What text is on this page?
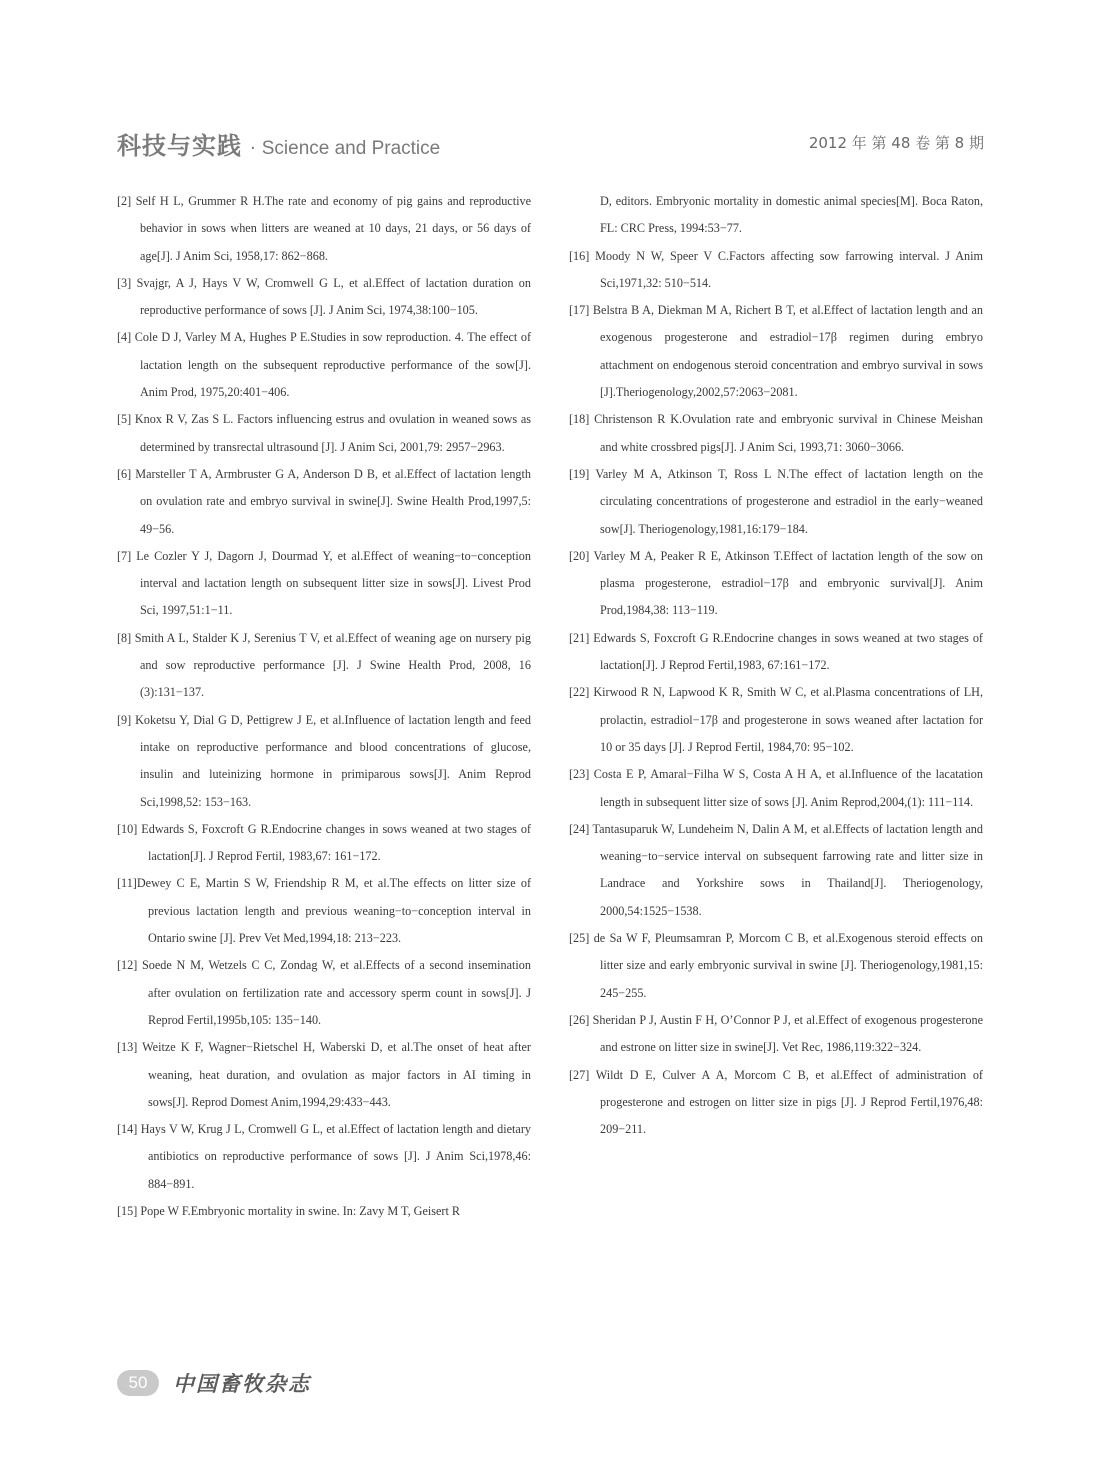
科技与实践 · Science and Practice	2012 年 第 48 卷 第 8 期
[2] Self H L, Grummer R H.The rate and economy of pig gains and reproductive behavior in sows when litters are weaned at 10 days, 21 days, or 56 days of age[J]. J Anim Sci, 1958,17: 862−868.
[3] Svajgr, A J, Hays V W, Cromwell G L, et al.Effect of lactation duration on reproductive performance of sows [J]. J Anim Sci, 1974,38:100−105.
[4] Cole D J, Varley M A, Hughes P E.Studies in sow reproduction. 4. The effect of lactation length on the subsequent reproductive performance of the sow[J]. Anim Prod, 1975,20:401−406.
[5] Knox R V, Zas S L. Factors influencing estrus and ovulation in weaned sows as determined by transrectal ultrasound [J]. J Anim Sci, 2001,79: 2957−2963.
[6] Marsteller T A, Armbruster G A, Anderson D B, et al.Effect of lactation length on ovulation rate and embryo survival in swine[J]. Swine Health Prod,1997,5: 49−56.
[7] Le Cozler Y J, Dagorn J, Dourmad Y, et al.Effect of weaning−to−conception interval and lactation length on subsequent litter size in sows[J]. Livest Prod Sci, 1997,51:1−11.
[8] Smith A L, Stalder K J, Serenius T V, et al.Effect of weaning age on nursery pig and sow reproductive performance [J]. J Swine Health Prod, 2008, 16 (3):131−137.
[9] Koketsu Y, Dial G D, Pettigrew J E, et al.Influence of lactation length and feed intake on reproductive performance and blood concentrations of glucose, insulin and luteinizing hormone in primiparous sows[J]. Anim Reprod Sci,1998,52: 153−163.
[10] Edwards S, Foxcroft G R.Endocrine changes in sows weaned at two stages of lactation[J]. J Reprod Fertil, 1983,67: 161−172.
[11]Dewey C E, Martin S W, Friendship R M, et al.The effects on litter size of previous lactation length and previous weaning−to−conception interval in Ontario swine [J]. Prev Vet Med,1994,18: 213−223.
[12] Soede N M, Wetzels C C, Zondag W, et al.Effects of a second insemination after ovulation on fertilization rate and accessory sperm count in sows[J]. J Reprod Fertil,1995b,105: 135−140.
[13] Weitze K F, Wagner−Rietschel H, Waberski D, et al.The onset of heat after weaning, heat duration, and ovulation as major factors in AI timing in sows[J]. Reprod Domest Anim,1994,29:433−443.
[14] Hays V W, Krug J L, Cromwell G L, et al.Effect of lactation length and dietary antibiotics on reproductive performance of sows [J]. J Anim Sci,1978,46: 884−891.
[15] Pope W F.Embryonic mortality in swine. In: Zavy M T, Geisert R
D, editors. Embryonic mortality in domestic animal species[M]. Boca Raton, FL: CRC Press, 1994:53−77.
[16] Moody N W, Speer V C.Factors affecting sow farrowing interval. J Anim Sci,1971,32: 510−514.
[17] Belstra B A, Diekman M A, Richert B T, et al.Effect of lactation length and an exogenous progesterone and estradiol−17β regimen during embryo attachment on endogenous steroid concentration and embryo survival in sows [J].Theriogenology,2002,57:2063−2081.
[18] Christenson R K.Ovulation rate and embryonic survival in Chinese Meishan and white crossbred pigs[J]. J Anim Sci, 1993,71: 3060−3066.
[19] Varley M A, Atkinson T, Ross L N.The effect of lactation length on the circulating concentrations of progesterone and estradiol in the early−weaned sow[J]. Theriogenology,1981,16:179−184.
[20] Varley M A, Peaker R E, Atkinson T.Effect of lactation length of the sow on plasma progesterone, estradiol−17β and embryonic survival[J]. Anim Prod,1984,38: 113−119.
[21] Edwards S, Foxcroft G R.Endocrine changes in sows weaned at two stages of lactation[J]. J Reprod Fertil,1983, 67:161−172.
[22] Kirwood R N, Lapwood K R, Smith W C, et al.Plasma concentrations of LH, prolactin, estradiol−17β and progesterone in sows weaned after lactation for 10 or 35 days [J]. J Reprod Fertil, 1984,70: 95−102.
[23] Costa E P, Amaral−Filha W S, Costa A H A, et al.Influence of the lacatation length in subsequent litter size of sows [J]. Anim Reprod,2004,(1): 111−114.
[24] Tantasuparuk W, Lundeheim N, Dalin A M, et al.Effects of lactation length and weaning−to−service interval on subsequent farrowing rate and litter size in Landrace and Yorkshire sows in Thailand[J]. Theriogenology, 2000,54:1525−1538.
[25] de Sa W F, Pleumsamran P, Morcom C B, et al.Exogenous steroid effects on litter size and early embryonic survival in swine [J]. Theriogenology,1981,15: 245−255.
[26] Sheridan P J, Austin F H, O’Connor P J, et al.Effect of exogenous progesterone and estrone on litter size in swine[J]. Vet Rec, 1986,119:322−324.
[27] Wildt D E, Culver A A, Morcom C B, et al.Effect of administration of progesterone and estrogen on litter size in pigs [J]. J Reprod Fertil,1976,48: 209−211.
50	中国畜牧杂志
